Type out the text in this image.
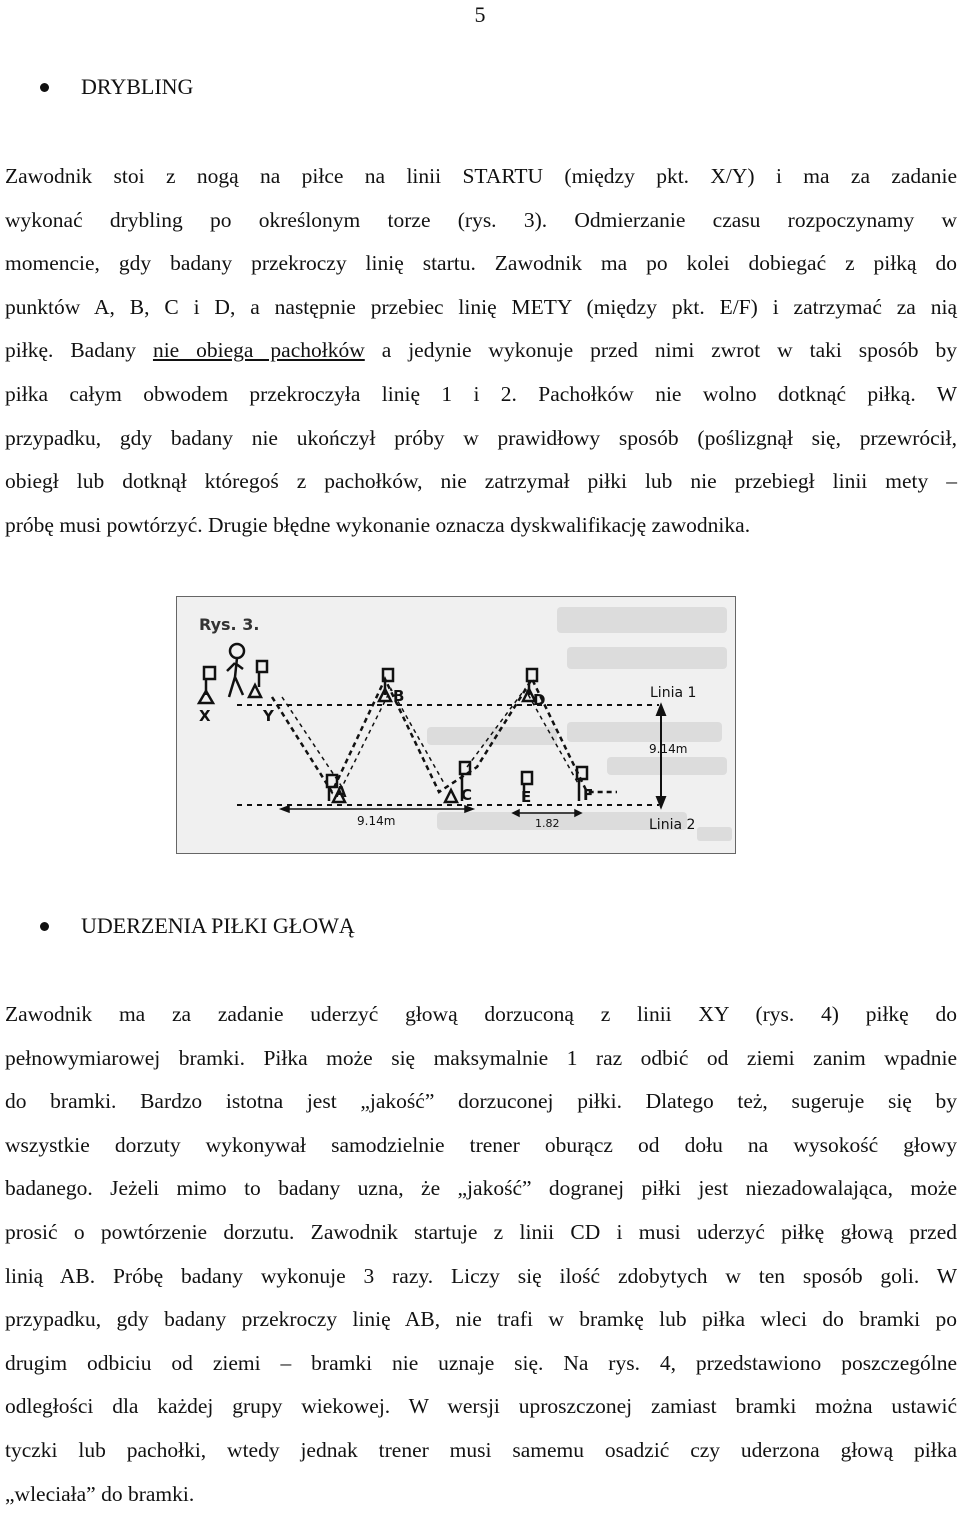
5
DRYBLING
Zawodnik stoi z nogą na piłce na linii STARTU (między pkt. X/Y) i ma za zadanie
wykonać drybling po określonym torze (rys. 3). Odmierzanie czasu rozpoczynamy w
momencie, gdy badany przekroczy linię startu. Zawodnik ma po kolei dobiegać z piłką do
punktów A, B, C i D, a następnie przebiec linię METY (między pkt. E/F) i zatrzymać za nią
piłkę. Badany nie obiega pachołków a jedynie wykonuje przed nimi zwrot w taki sposób by
piłka całym obwodem przekroczyła linię 1 i 2. Pachołków nie wolno dotknąć piłką. W
przypadku, gdy badany nie ukończył próby w prawidłowy sposób (poślizgnął się, przewrócił,
obiegł lub dotknął któregoś z pachołków, nie zatrzymał piłki lub nie przebiegł linii mety –
próbę musi powtórzyć. Drugie błędne wykonanie oznacza dyskwalifikację zawodnika.
Rys. 3.
X	Y
B	D
A	C	E	F
Linia 1
Linia 2
9.14m
9.14m	1.82
UDERZENIA PIŁKI GŁOWĄ
Zawodnik ma za zadanie uderzyć głową dorzuconą z linii XY (rys. 4) piłkę do
pełnowymiarowej bramki. Piłka może się maksymalnie 1 raz odbić od ziemi zanim wpadnie
do bramki. Bardzo istotna jest „jakość” dorzuconej piłki. Dlatego też, sugeruje się by
wszystkie dorzuty wykonywał samodzielnie trener oburącz od dołu na wysokość głowy
badanego. Jeżeli mimo to badany uzna, że „jakość” dogranej piłki jest niezadowalająca, może
prosić o powtórzenie dorzutu. Zawodnik startuje z linii CD i musi uderzyć piłkę głową przed
linią AB. Próbę badany wykonuje 3 razy. Liczy się ilość zdobytych w ten sposób goli. W
przypadku, gdy badany przekroczy linię AB, nie trafi w bramkę lub piłka wleci do bramki po
drugim odbiciu od ziemi – bramki nie uznaje się. Na rys. 4, przedstawiono poszczególne
odległości dla każdej grupy wiekowej. W wersji uproszczonej zamiast bramki można ustawić
tyczki lub pachołki, wtedy jednak trener musi samemu osadzić czy uderzona głową piłka
„wleciała” do bramki.
